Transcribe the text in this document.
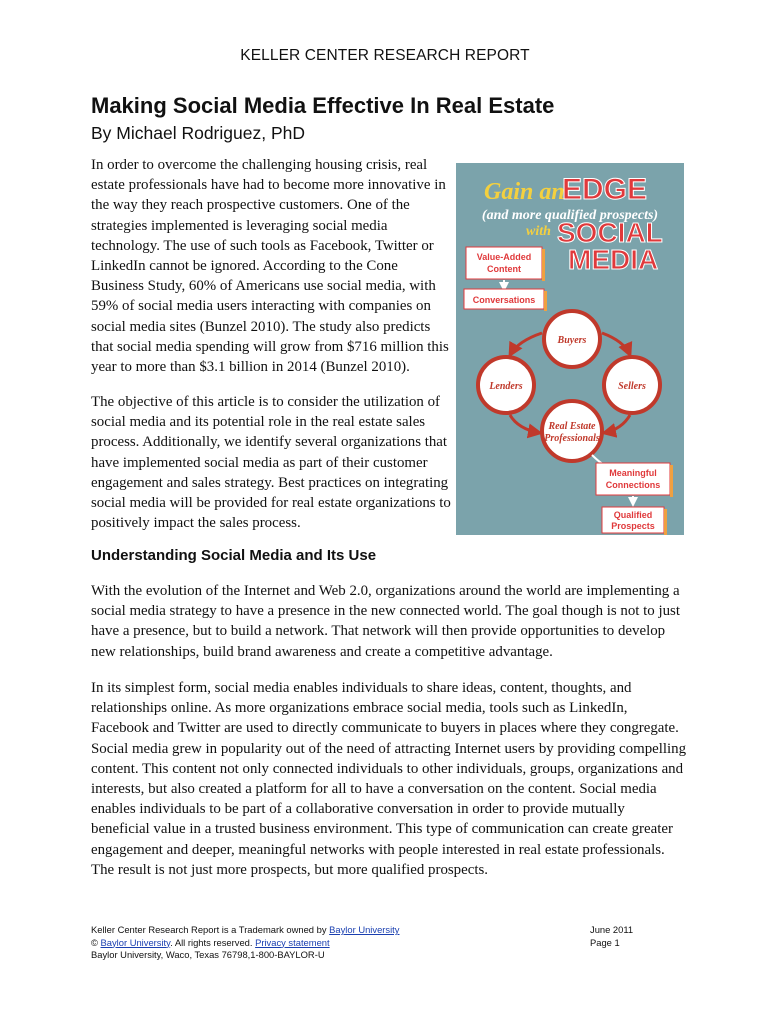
KELLER CENTER RESEARCH REPORT
Making Social Media Effective In Real Estate
By Michael Rodriguez, PhD

In order to overcome the challenging housing crisis, real estate professionals have had to become more innovative in the way they reach prospective customers. One of the strategies implemented is leveraging social media technology. The use of such tools as Facebook, Twitter or LinkedIn cannot be ignored. According to the Cone Business Study, 60% of Americans use social media, with 59% of social media users interacting with companies on social media sites (Bunzel 2010). The study also predicts that social media spending will grow from $716 million this year to more than $3.1 billion in 2014 (Bunzel 2010).

The objective of this article is to consider the utilization of social media and its potential role in the real estate sales process. Additionally, we identify several organizations that have implemented social media as part of their customer engagement and sales strategy. Best practices on integrating social media will be provided for real estate organizations to positively impact the sales process.

Understanding Social Media and Its Use

With the evolution of the Internet and Web 2.0, organizations around the world are implementing a social media strategy to have a presence in the new connected world. The goal though is not to just have a presence, but to build a network. That network will then provide opportunities to develop new relationships, build brand awareness and create a competitive advantage.

In its simplest form, social media enables individuals to share ideas, content, thoughts, and relationships online. As more organizations embrace social media, tools such as LinkedIn, Facebook and Twitter are used to directly communicate to buyers in places where they congregate. Social media grew in popularity out of the need of attracting Internet users by providing compelling content. This content not only connected individuals to other individuals, groups, organizations and interests, but also created a platform for all to have a conversation on the content. Social media enables individuals to be part of a collaborative conversation in order to provide mutually beneficial value in a trusted business environment. This type of communication can create greater engagement and deeper, meaningful networks with people interested in real estate professionals. The result is not just more prospects, but more qualified prospects.

Gain an
EDGE
(and more qualified prospects)
with SOCIAL
MEDIA
Value-Added
Content
Conversations
Buyers
Lenders	Sellers
Real Estate
Professionals
Meaningful
Connections
Qualified
Prospects
Keller Center Research Report is a Trademark owned by Baylor University
© Baylor University. All rights reserved. Privacy statement
Baylor University, Waco, Texas 76798,1-800-BAYLOR-U
June 2011
Page 1
